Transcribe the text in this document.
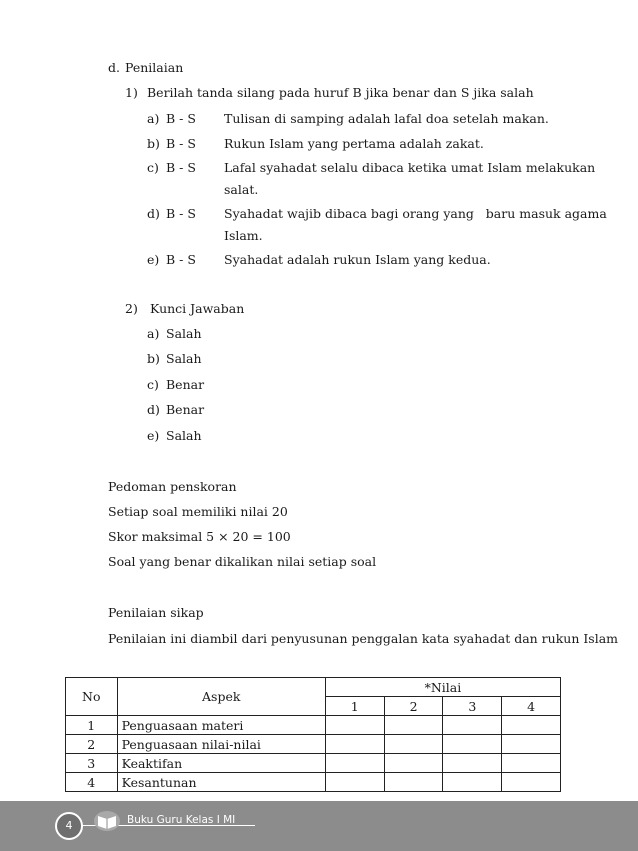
d. Penilaian
1) Berilah tanda silang pada huruf B jika benar dan S jika salah
a) B - S Tulisan di samping adalah lafal doa setelah makan.
b) B - S Rukun Islam yang pertama adalah zakat.
c) B - S Lafal syahadat selalu dibaca ketika umat Islam melakukan
salat.
d) B - S Syahadat wajib dibaca bagi orang yang   baru masuk agama
Islam.
e) B - S Syahadat adalah rukun Islam yang kedua.
2) Kunci Jawaban
a) Salah
b) Salah
c) Benar
d) Benar
e) Salah
Pedoman penskoran
Setiap soal memiliki nilai 20
Skor maksimal 5 × 20 = 100
Soal yang benar dikalikan nilai setiap soal
Penilaian sikap
Penilaian ini diambil dari penyusunan penggalan kata syahadat dan rukun Islam
No	Aspek	*Nilai			
		1	2	3	4
1	Penguasaan materi				
2	Penguasaan nilai-nilai				
3	Keaktifan				
4	Kesantunan				
4	Buku Guru Kelas I MI
